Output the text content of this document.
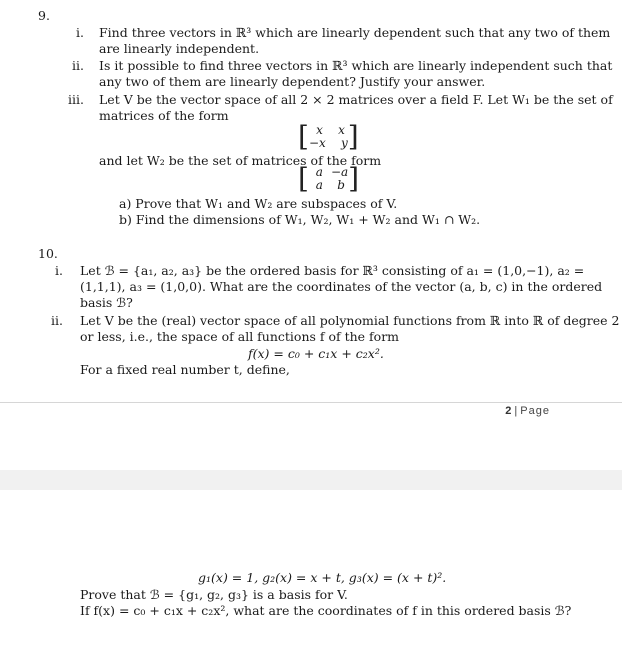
9.
i. Find three vectors in ℝ³ which are linearly dependent such that any two of them
are linearly independent.
ii. Is it possible to find three vectors in ℝ³ which are linearly independent such that
any two of them are linearly dependent? Justify your answer.
iii. Let V be the vector space of all 2 × 2 matrices over a field F. Let W₁ be the set of
matrices of the form
[ x	x
−x	y ]
and let W₂ be the set of matrices of the form
[ a −a
a	b ]
a) Prove that W₁ and W₂ are subspaces of V.
b) Find the dimensions of W₁, W₂, W₁ + W₂ and W₁ ∩ W₂.
10.
i. Let ℬ = {a₁, a₂, a₃} be the ordered basis for ℝ³ consisting of a₁ = (1,0,−1), a₂ =
(1,1,1), a₃ = (1,0,0). What are the coordinates of the vector (a, b, c) in the ordered
basis ℬ?
ii. Let V be the (real) vector space of all polynomial functions from ℝ into ℝ of degree 2
or less, i.e., the space of all functions f of the form
f(x) = c₀ + c₁x + c₂x².
For a fixed real number t, define,
2 | Page
g₁(x) = 1, g₂(x) = x + t, g₃(x) = (x + t)².
Prove that ℬ = {g₁, g₂, g₃} is a basis for V.
If f(x) = c₀ + c₁x + c₂x², what are the coordinates of f in this ordered basis ℬ?
